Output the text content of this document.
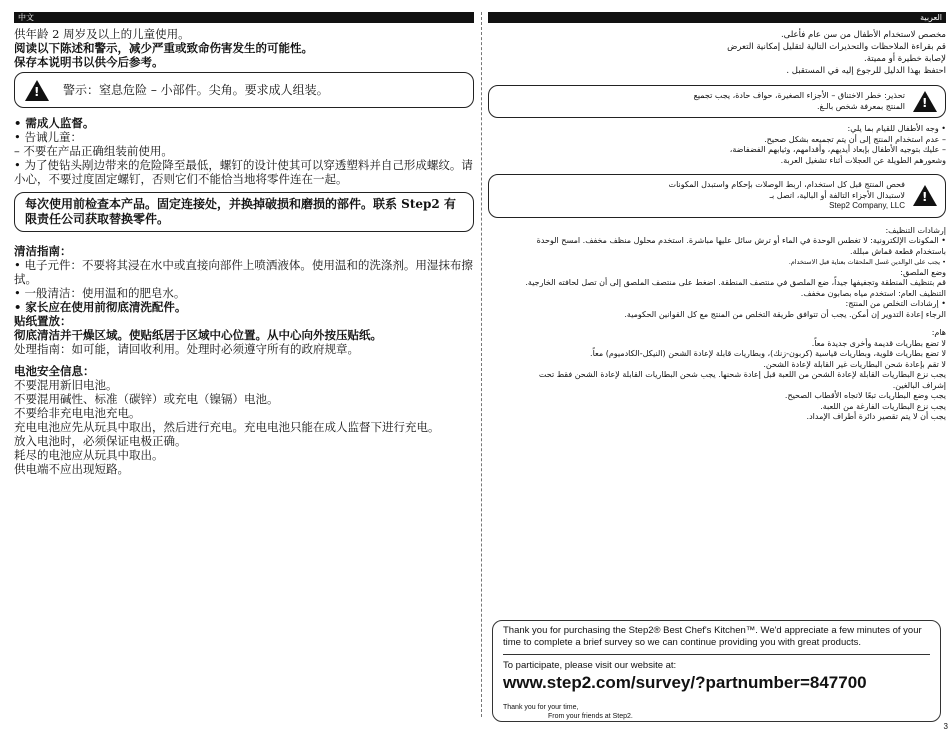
中文

供年龄 2 周岁及以上的儿童使用。

阅读以下陈述和警示，减少严重或致命伤害发生的可能性。

保存本说明书以供今后参考。

! 警示：窒息危险 – 小部件。尖角。要求成人组装。

• 需成人监督。

• 告诫儿童：

– 不要在产品正确组装前使用。

• 为了使钻头剐边带来的危险降至最低，螺钉的设计使其可以穿透塑料并自己形成螺纹。请小心，不要过度固定螺钉，否则它们不能恰当地将零件连在一起。

每次使用前检查本产品。固定连接处，并换掉破损和磨损的部件。联系 Step2 有限责任公司获取替换零件。

清洁指南：

• 电子元件：不要将其浸在水中或直接向部件上喷洒液体。使用温和的洗涤剂。用湿抹布擦拭。

• 一般清洁：使用温和的肥皂水。

• 家长应在使用前彻底清洗配件。

贴纸置放：

彻底清洁并干燥区域。使贴纸居于区域中心位置。从中心向外按压贴纸。

处理指南：如可能，请回收利用。处理时必须遵守所有的政府规章。

电池安全信息：

不要混用新旧电池。

不要混用碱性、标准（碳锌）或充电（镍镉）电池。

不要给非充电电池充电。

充电电池应先从玩具中取出，然后进行充电。充电电池只能在成人监督下进行充电。

放入电池时，必须保证电极正确。

耗尽的电池应从玩具中取出。

供电端不应出现短路。

العربية

مخصص لاستخدام الأطفال من سن عام فأعلى.

قم بقراءة الملاحظات والتحذيرات التالية لتقليل إمكانية التعرض

لإصابة خطيرة أو مميتة.

احتفظ بهذا الدليل للرجوع إليه في المستقبل .

!

تحذير: خطر الاختناق – الأجزاء الصغيرة، حواف حادة، يجب تجميع

المنتج بمعرفة شخص بالـغ.

• وجه الأطفال للقيام بما يلي:

– عدم استخدام المنتج إلى أن يتم تجميعه بشكل صحيح.

– عليك بتوجيه الأطفال بإبعاد أيديهم، وأقدامهم، وثيابهم الفضفاضة،

وشعورهم الطويلة عن العجلات أثناء تشغيل العربة.

!

فحص المنتج قبل كل استخدام، اربط الوصلات بإحكام واستبدل المكونات

لاستبدال الأجزاء التالفة أو البالية، اتصل بـ

Step2 Company, LLC

إرشادات التنظيف:

• المكونات الإلكترونية: لا تغطس الوحدة في الماء أو ترش سائل عليها مباشرة. استخدم محلول منظف مخفف. امسح الوحدة

باستخدام قطعة قماش مبللة.

• يجب على الوالدين غسل الملحقات بعناية قبل الاستخدام.

وضع الملصق:

قم بتنظيف المنطقة وتجفيفها جيداً، ضع الملصق في منتصف المنطقة. اضغط على منتصف الملصق إلى أن تصل لحافته الخارجية.

التنظيف العام: استخدم مياه بصابون مخفف.

• إرشادات التخلص من المنتج:

الرجاء إعادة التدوير إن أمكن. يجب أن تتوافق طريقة التخلص من المنتج مع كل القوانين الحكومية.

هام:

لا تضع بطاريات قديمة وأخرى جديدة معاً.

لا تضع بطاريات قلوية، وبطاريات قياسية (كربون-زنك)، وبطاريات قابلة لإعادة الشحن (النيكل-الكادميوم) معاً.

لا تقم بإعادة شحن البطاريات غير القابلة لإعادة الشحن.

يجب نزع البطاريات القابلة لإعادة الشحن من اللعبة قبل إعادة شحنها. يجب شحن البطاريات القابلة لإعادة الشحن فقط تحت

إشراف البالغين.

يجب وضع البطاريات تبعًا لاتجاه الأقطاب الصحيح.

يجب نزع البطاريات الفارغة من اللعبة.

يجب أن لا يتم تقصير دائرة أطراف الإمداد.

Thank you for purchasing the Step2® Best Chef's Kitchen™. We'd appreciate a few minutes of your time to complete a brief survey so we can continue providing you with great products.
To participate, please visit our website at:
www.step2.com/survey/?partnumber=847700
Thank you for your time,
From your friends at Step2.
3
